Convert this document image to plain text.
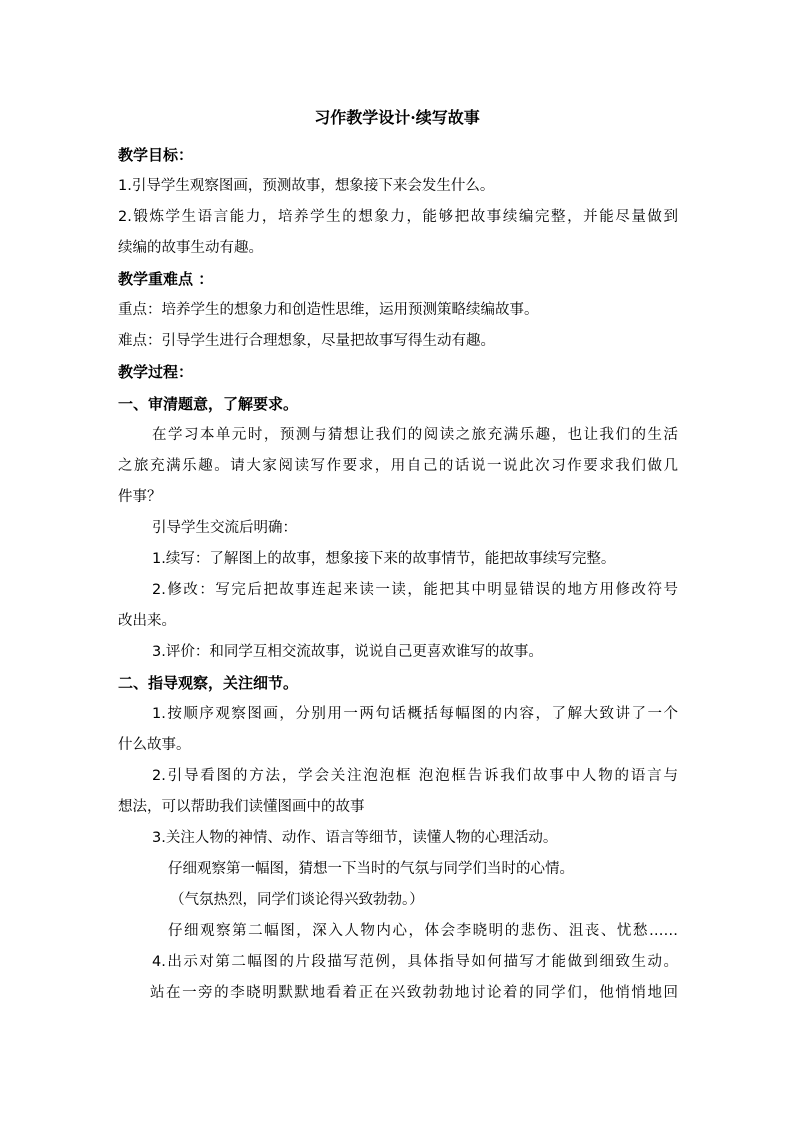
习作教学设计·续写故事
教学目标：
1.引导学生观察图画，预测故事，想象接下来会发生什么。
2.锻炼学生语言能力，培养学生的想象力，能够把故事续编完整，并能尽量做到
续编的故事生动有趣。
教学重难点 ：
重点：培养学生的想象力和创造性思维，运用预测策略续编故事。
难点：引导学生进行合理想象，尽量把故事写得生动有趣。
教学过程：
一、审清题意，了解要求。
在学习本单元时，预测与猜想让我们的阅读之旅充满乐趣，也让我们的生活
之旅充满乐趣。请大家阅读写作要求，用自己的话说一说此次习作要求我们做几
件事？
引导学生交流后明确：
1.续写：了解图上的故事，想象接下来的故事情节，能把故事续写完整。
2.修改：写完后把故事连起来读一读，能把其中明显错误的地方用修改符号
改出来。
3.评价：和同学互相交流故事，说说自己更喜欢谁写的故事。
二、指导观察，关注细节。
1.按顺序观察图画，分别用一两句话概括每幅图的内容，了解大致讲了一个
什么故事。
2.引导看图的方法，学会关注泡泡框 泡泡框告诉我们故事中人物的语言与
想法，可以帮助我们读懂图画中的故事
3.关注人物的神情、动作、语言等细节，读懂人物的心理活动。
仔细观察第一幅图，猜想一下当时的气氛与同学们当时的心情。
（气氛热烈，同学们谈论得兴致勃勃。）
仔细观察第二幅图，深入人物内心，体会李晓明的悲伤、沮丧、忧愁……
4.出示对第二幅图的片段描写范例，具体指导如何描写才能做到细致生动。
站在一旁的李晓明默默地看着正在兴致勃勃地讨论着的同学们，他悄悄地回
